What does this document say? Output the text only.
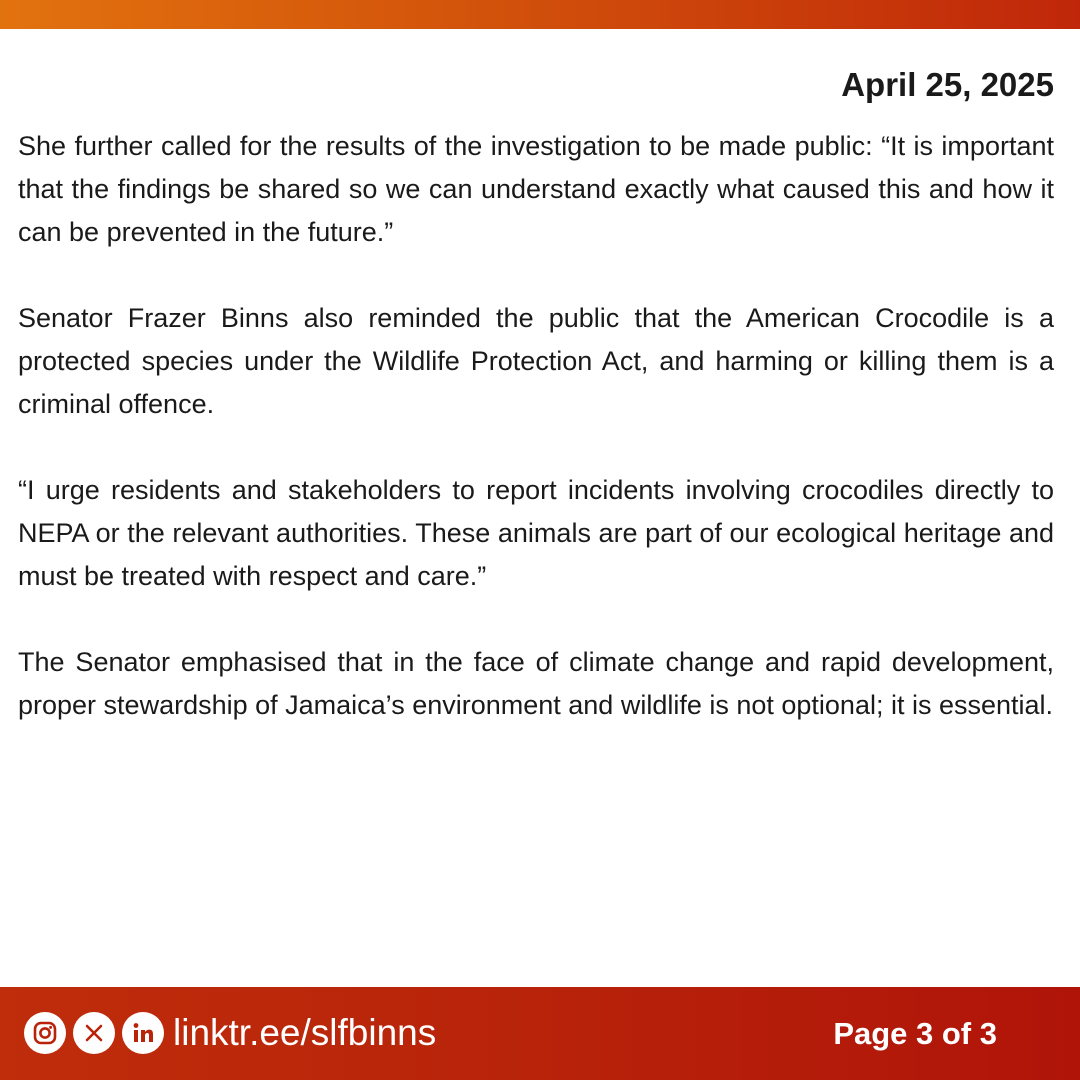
April 25, 2025

She further called for the results of the investigation to be made public: “It is important that the findings be shared so we can understand exactly what caused this and how it can be prevented in the future.”

Senator Frazer Binns also reminded the public that the American Crocodile is a protected species under the Wildlife Protection Act, and harming or killing them is a criminal offence.

“I urge residents and stakeholders to report incidents involving crocodiles directly to NEPA or the relevant authorities. These animals are part of our ecological heritage and must be treated with respect and care.”

The Senator emphasised that in the face of climate change and rapid development, proper stewardship of Jamaica’s environment and wildlife is not optional; it is essential.

linktr.ee/slfbinns	Page 3 of 3
